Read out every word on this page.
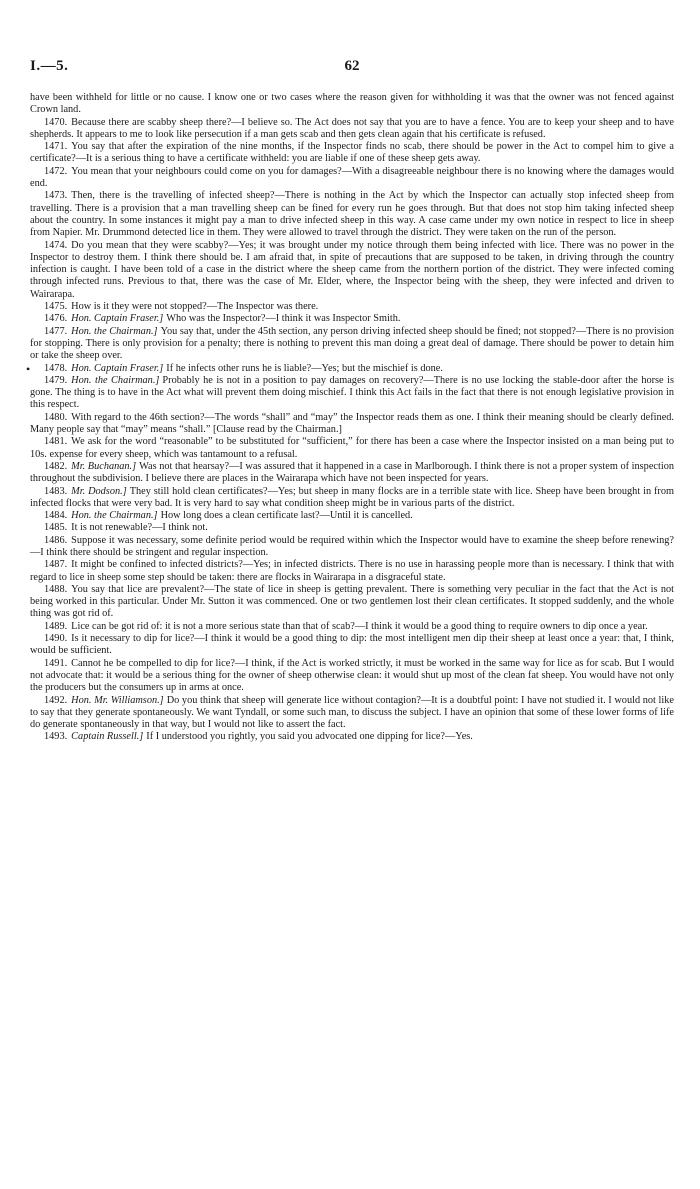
I.—5.	62

have been withheld for little or no cause. I know one or two cases where the reason given for withholding it was that the owner was not fenced against Crown land.

1470. Because there are scabby sheep there?—I believe so. The Act does not say that you are to have a fence. You are to keep your sheep and to have shepherds. It appears to me to look like persecution if a man gets scab and then gets clean again that his certificate is refused.

1471. You say that after the expiration of the nine months, if the Inspector finds no scab, there should be power in the Act to compel him to give a certificate?—It is a serious thing to have a certificate withheld: you are liable if one of these sheep gets away.

1472. You mean that your neighbours could come on you for damages?—With a disagreeable neighbour there is no knowing where the damages would end.

1473. Then, there is the travelling of infected sheep?—There is nothing in the Act by which the Inspector can actually stop infected sheep from travelling. There is a provision that a man travelling sheep can be fined for every run he goes through. But that does not stop him taking infected sheep about the country. In some instances it might pay a man to drive infected sheep in this way. A case came under my own notice in respect to lice in sheep from Napier. Mr. Drummond detected lice in them. They were allowed to travel through the district. They were taken on the run of the person.

1474. Do you mean that they were scabby?—Yes; it was brought under my notice through them being infected with lice. There was no power in the Inspector to destroy them. I think there should be. I am afraid that, in spite of precautions that are supposed to be taken, in driving through the country infection is caught. I have been told of a case in the district where the sheep came from the northern portion of the district. They were infected coming through infected runs. Previous to that, there was the case of Mr. Elder, where, the Inspector being with the sheep, they were infected and driven to Wairarapa.

1475. How is it they were not stopped?—The Inspector was there.

1476. Hon. Captain Fraser.] Who was the Inspector?—I think it was Inspector Smith.

1477. Hon. the Chairman.] You say that, under the 45th section, any person driving infected sheep should be fined; not stopped?—There is no provision for stopping. There is only provision for a penalty; there is nothing to prevent this man doing a great deal of damage. There should be power to detain him or take the sheep over.

• 1478. Hon. Captain Fraser.] If he infects other runs he is liable?—Yes; but the mischief is done.

1479. Hon. the Chairman.] Probably he is not in a position to pay damages on recovery?—There is no use locking the stable-door after the horse is gone. The thing is to have in the Act what will prevent them doing mischief. I think this Act fails in the fact that there is not enough legislative provision in this respect.

1480. With regard to the 46th section?—The words “shall” and “may” the Inspector reads them as one. I think their meaning should be clearly defined. Many people say that “may” means “shall.” [Clause read by the Chairman.]

1481. We ask for the word “reasonable” to be substituted for “sufficient,” for there has been a case where the Inspector insisted on a man being put to 10s. expense for every sheep, which was tantamount to a refusal.

1482. Mr. Buchanan.] Was not that hearsay?—I was assured that it happened in a case in Marlborough. I think there is not a proper system of inspection throughout the subdivision. I believe there are places in the Wairarapa which have not been inspected for years.

1483. Mr. Dodson.] They still hold clean certificates?—Yes; but sheep in many flocks are in a terrible state with lice. Sheep have been brought in from infected flocks that were very bad. It is very hard to say what condition sheep might be in various parts of the district.

1484. Hon. the Chairman.] How long does a clean certificate last?—Until it is cancelled.

1485. It is not renewable?—I think not.

1486. Suppose it was necessary, some definite period would be required within which the Inspector would have to examine the sheep before renewing?—I think there should be stringent and regular inspection.

1487. It might be confined to infected districts?—Yes; in infected districts. There is no use in harassing people more than is necessary. I think that with regard to lice in sheep some step should be taken: there are flocks in Wairarapa in a disgraceful state.

1488. You say that lice are prevalent?—The state of lice in sheep is getting prevalent. There is something very peculiar in the fact that the Act is not being worked in this particular. Under Mr. Sutton it was commenced. One or two gentlemen lost their clean certificates. It stopped suddenly, and the whole thing was got rid of.

1489. Lice can be got rid of: it is not a more serious state than that of scab?—I think it would be a good thing to require owners to dip once a year.

1490. Is it necessary to dip for lice?—I think it would be a good thing to dip: the most intelligent men dip their sheep at least once a year: that, I think, would be sufficient.

1491. Cannot he be compelled to dip for lice?—I think, if the Act is worked strictly, it must be worked in the same way for lice as for scab. But I would not advocate that: it would be a serious thing for the owner of sheep otherwise clean: it would shut up most of the clean fat sheep. You would have not only the producers but the consumers up in arms at once.

1492. Hon. Mr. Williamson.] Do you think that sheep will generate lice without contagion?—It is a doubtful point: I have not studied it. I would not like to say that they generate spontaneously. We want Tyndall, or some such man, to discuss the subject. I have an opinion that some of these lower forms of life do generate spontaneously in that way, but I would not like to assert the fact.

1493. Captain Russell.] If I understood you rightly, you said you advocated one dipping for lice?—Yes.
